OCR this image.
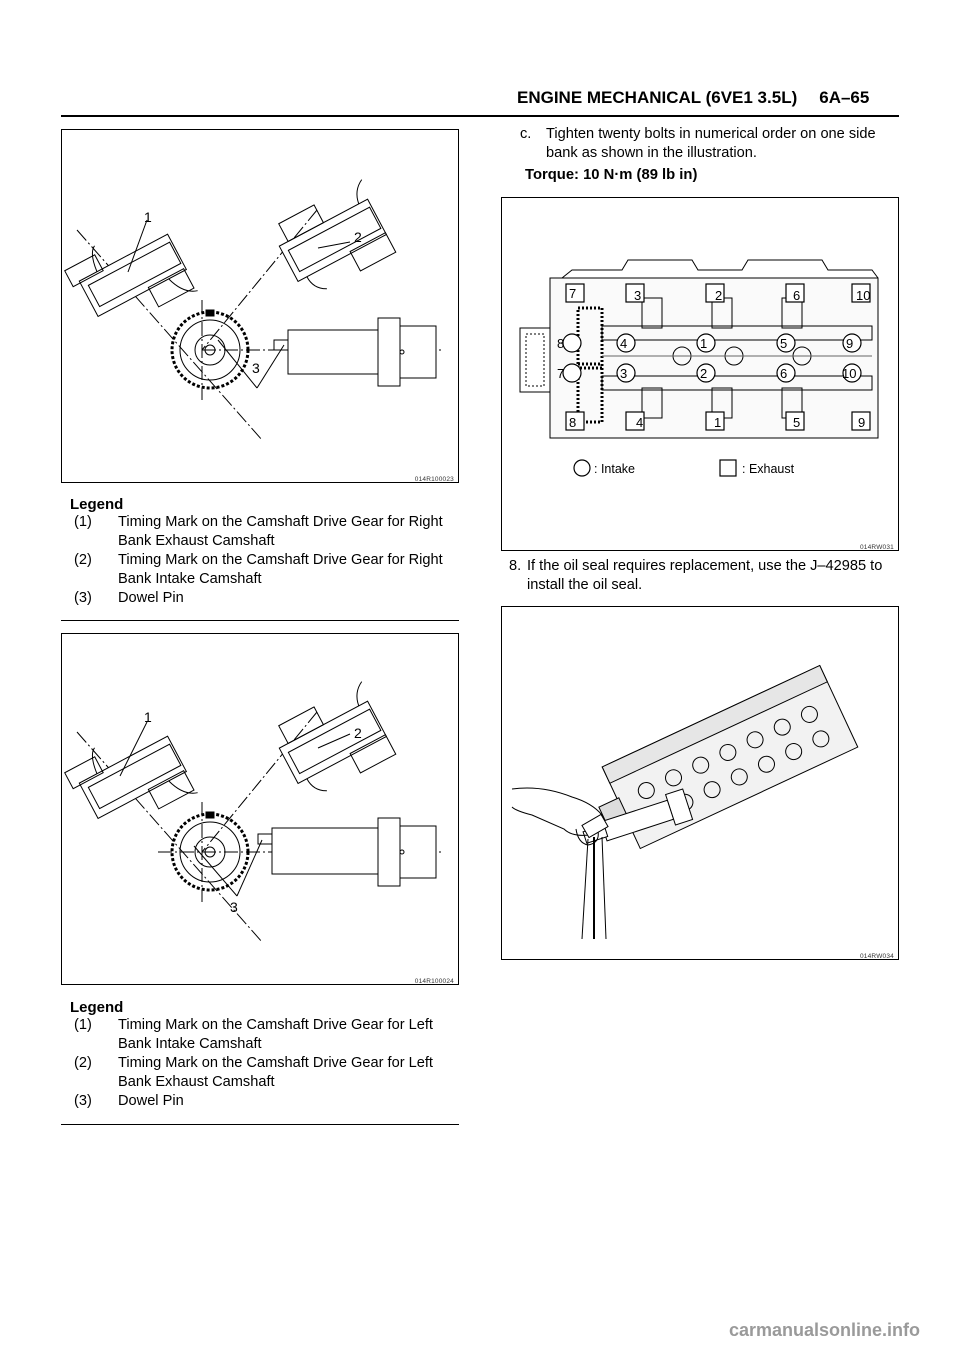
ENGINE MECHANICAL (6VE1 3.5L) 6A–65
1
2
3
014R100023
Legend
(1) Timing Mark on the Camshaft Drive Gear for Right Bank Exhaust Camshaft
(2) Timing Mark on the Camshaft Drive Gear for Right Bank Intake Camshaft
(3) Dowel Pin
1
2
3
014R100024
Legend
(1) Timing Mark on the Camshaft Drive Gear for Left Bank Intake Camshaft
(2) Timing Mark on the Camshaft Drive Gear for Left Bank Exhaust Camshaft
(3) Dowel Pin
c. Tighten twenty bolts in numerical order on one side bank as shown in the illustration.
Torque: 10 N·m (89 lb in)
7	3	2	6	10
8	4	1	5	9
8	4	1	5	9
7	3	2	6	10
: Intake	: Exhaust
014RW031
8. If the oil seal requires replacement, use the J–42985 to install the oil seal.
014RW034
carmanualsonline.info
